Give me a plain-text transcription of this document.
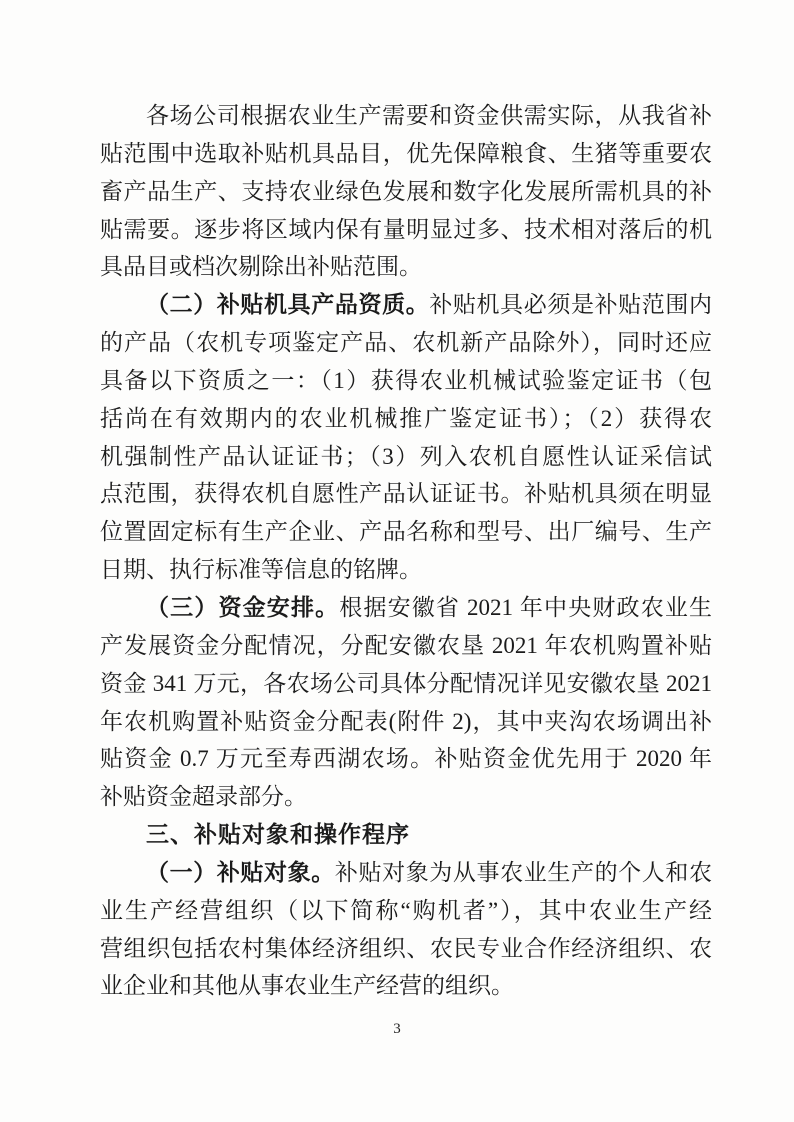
各场公司根据农业生产需要和资金供需实际，从我省补
贴范围中选取补贴机具品目，优先保障粮食、生猪等重要农
畜产品生产、支持农业绿色发展和数字化发展所需机具的补
贴需要。逐步将区域内保有量明显过多、技术相对落后的机
具品目或档次剔除出补贴范围。
（二）补贴机具产品资质。补贴机具必须是补贴范围内
的产品（农机专项鉴定产品、农机新产品除外），同时还应
具备以下资质之一：（1）获得农业机械试验鉴定证书（包
括尚在有效期内的农业机械推广鉴定证书）；（2）获得农
机强制性产品认证证书；（3）列入农机自愿性认证采信试
点范围，获得农机自愿性产品认证证书。补贴机具须在明显
位置固定标有生产企业、产品名称和型号、出厂编号、生产
日期、执行标准等信息的铭牌。
（三）资金安排。根据安徽省 2021 年中央财政农业生
产发展资金分配情况，分配安徽农垦 2021 年农机购置补贴
资金 341 万元，各农场公司具体分配情况详见安徽农垦 2021
年农机购置补贴资金分配表(附件 2)，其中夹沟农场调出补
贴资金 0.7 万元至寿西湖农场。补贴资金优先用于 2020 年
补贴资金超录部分。
三、补贴对象和操作程序
（一）补贴对象。补贴对象为从事农业生产的个人和农
业生产经营组织（以下简称“购机者”），其中农业生产经
营组织包括农村集体经济组织、农民专业合作经济组织、农
业企业和其他从事农业生产经营的组织。
3
